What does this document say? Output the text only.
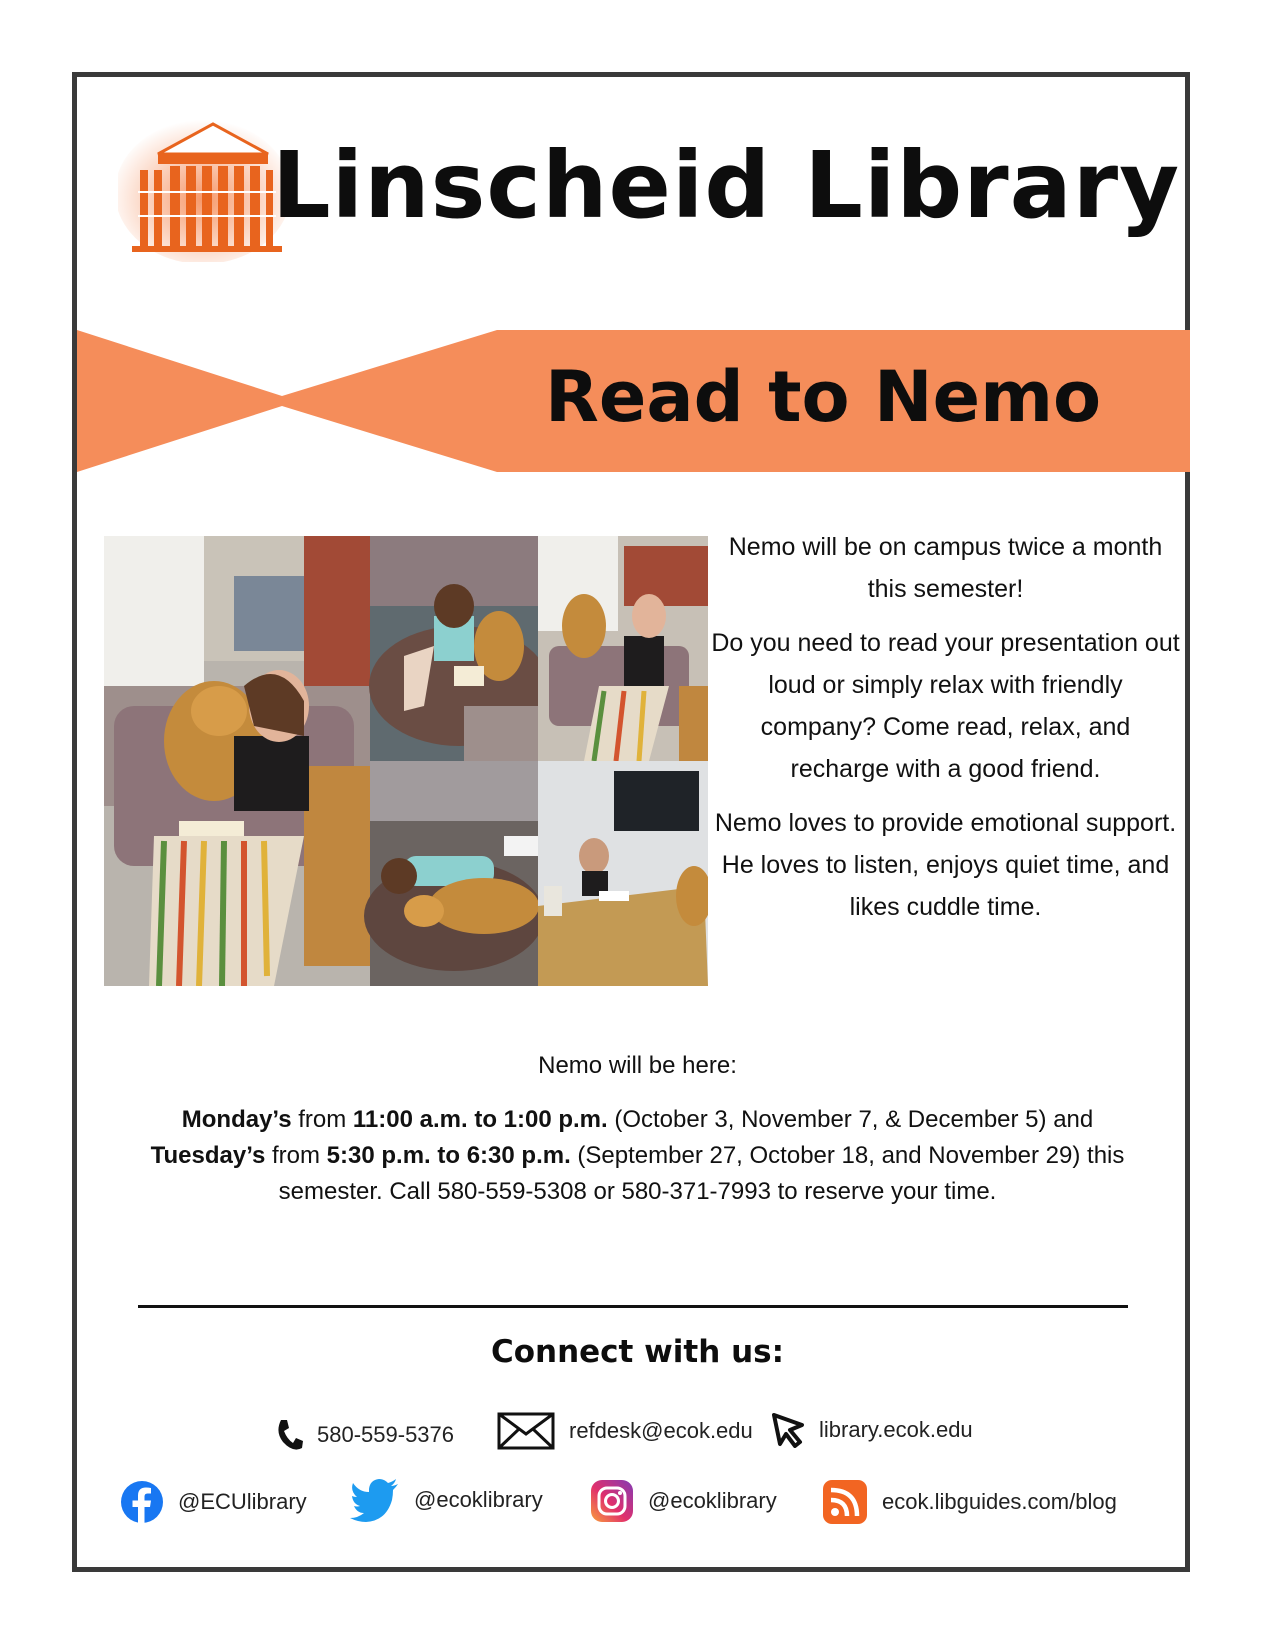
Linscheid Library
Read to Nemo

Nemo will be on campus twice a month this semester!

Do you need to read your presentation out loud or simply relax with friendly company? Come read, relax, and recharge with a good friend.

Nemo loves to provide emotional support. He loves to listen, enjoys quiet time, and likes cuddle time.

Nemo will be here:

Monday’s from 11:00 a.m. to 1:00 p.m. (October 3, November 7, & December 5) and
Tuesday’s from 5:30 p.m. to 6:30 p.m. (September 27, October 18, and November 29) this
semester. Call 580-559-5308 or 580-371-7993 to reserve your time.

Connect with us:
580-559-5376	refdesk@ecok.edu	library.ecok.edu
@ECUlibrary	@ecoklibrary	@ecoklibrary	ecok.libguides.com/blog
